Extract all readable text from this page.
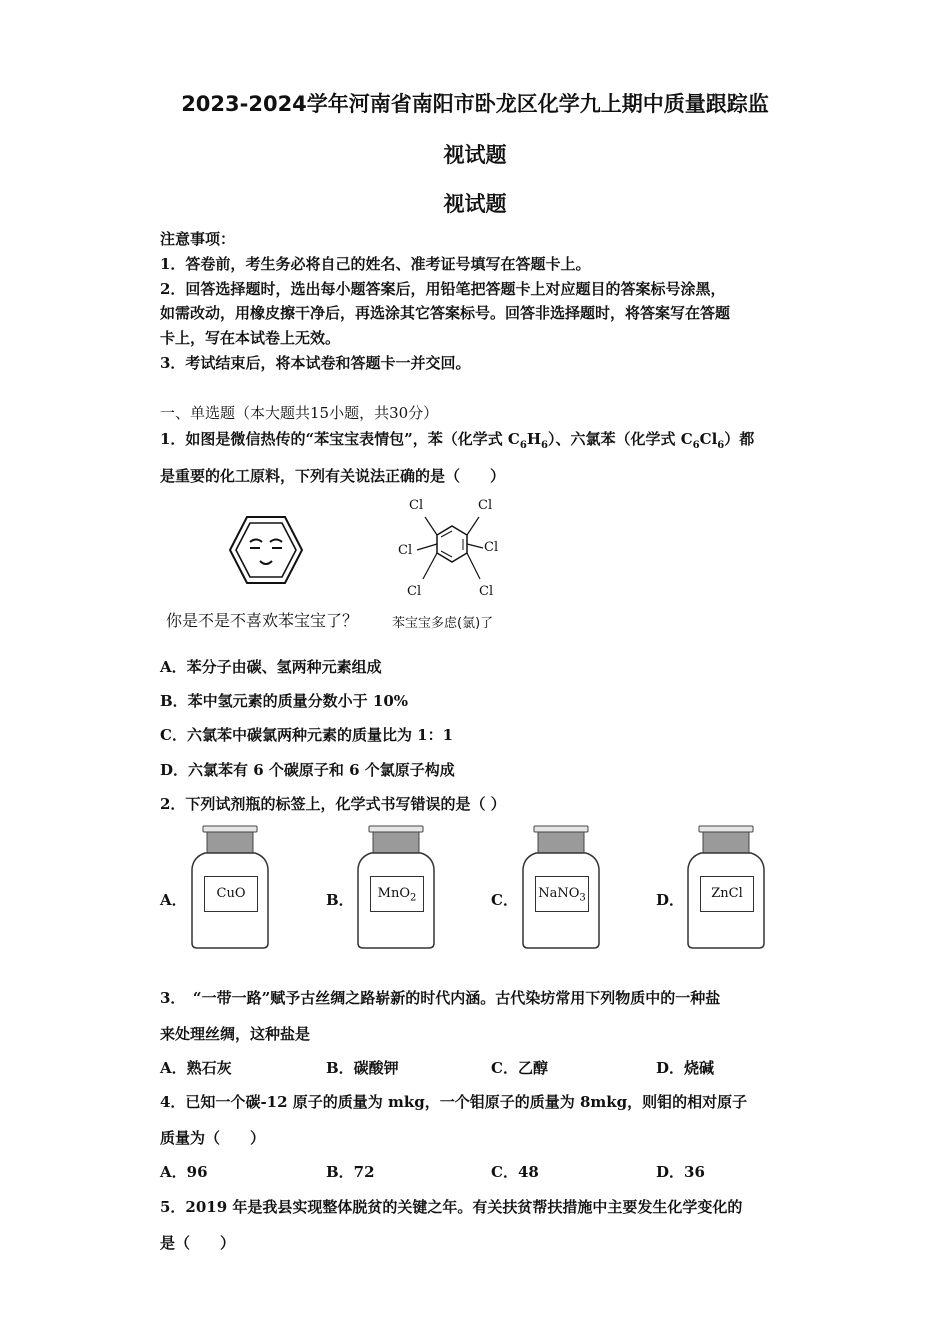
2023-2024学年河南省南阳市卧龙区化学九上期中质量跟踪监
视试题
视试题
注意事项：
1．答卷前，考生务必将自己的姓名、准考证号填写在答题卡上。
2．回答选择题时，选出每小题答案后，用铅笔把答题卡上对应题目的答案标号涂黑，
如需改动，用橡皮擦干净后，再选涂其它答案标号。回答非选择题时，将答案写在答题
卡上，写在本试卷上无效。
3．考试结束后，将本试卷和答题卡一并交回。
一、单选题（本大题共15小题，共30分）
1．如图是微信热传的“苯宝宝表情包”，苯（化学式 $C_6H_6$）、六氯苯（化学式 $C_6Cl_6$）都
是重要的化工原料，下列有关说法正确的是（　　）
Cl	Cl
Cl	Cl
Cl	Cl
你是不是不喜欢苯宝宝了？	苯宝宝多虑(氯)了
A．苯分子由碳、氢两种元素组成
B．苯中氢元素的质量分数小于 10%
C．六氯苯中碳氯两种元素的质量比为 1：1
D．六氯苯有 6 个碳原子和 6 个氯原子构成
2．下列试剂瓶的标签上，化学式书写错误的是（ ）
A．	CuO	B．	MnO$_2$	C． NaNO$_3$	D．	ZnCl
3．　“一带一路”赋予古丝绸之路崭新的时代内涵。古代染坊常用下列物质中的一种盐
来处理丝绸，这种盐是
A．熟石灰	B．碳酸钾	C．乙醇	D．烧碱
4．已知一个碳-12 原子的质量为 mkg，一个钼原子的质量为 8mkg，则钼的相对原子
质量为（　　）
A．96	B．72	C．48	D．36
5．2019 年是我县实现整体脱贫的关键之年。有关扶贫帮扶措施中主要发生化学变化的
是（　　）
